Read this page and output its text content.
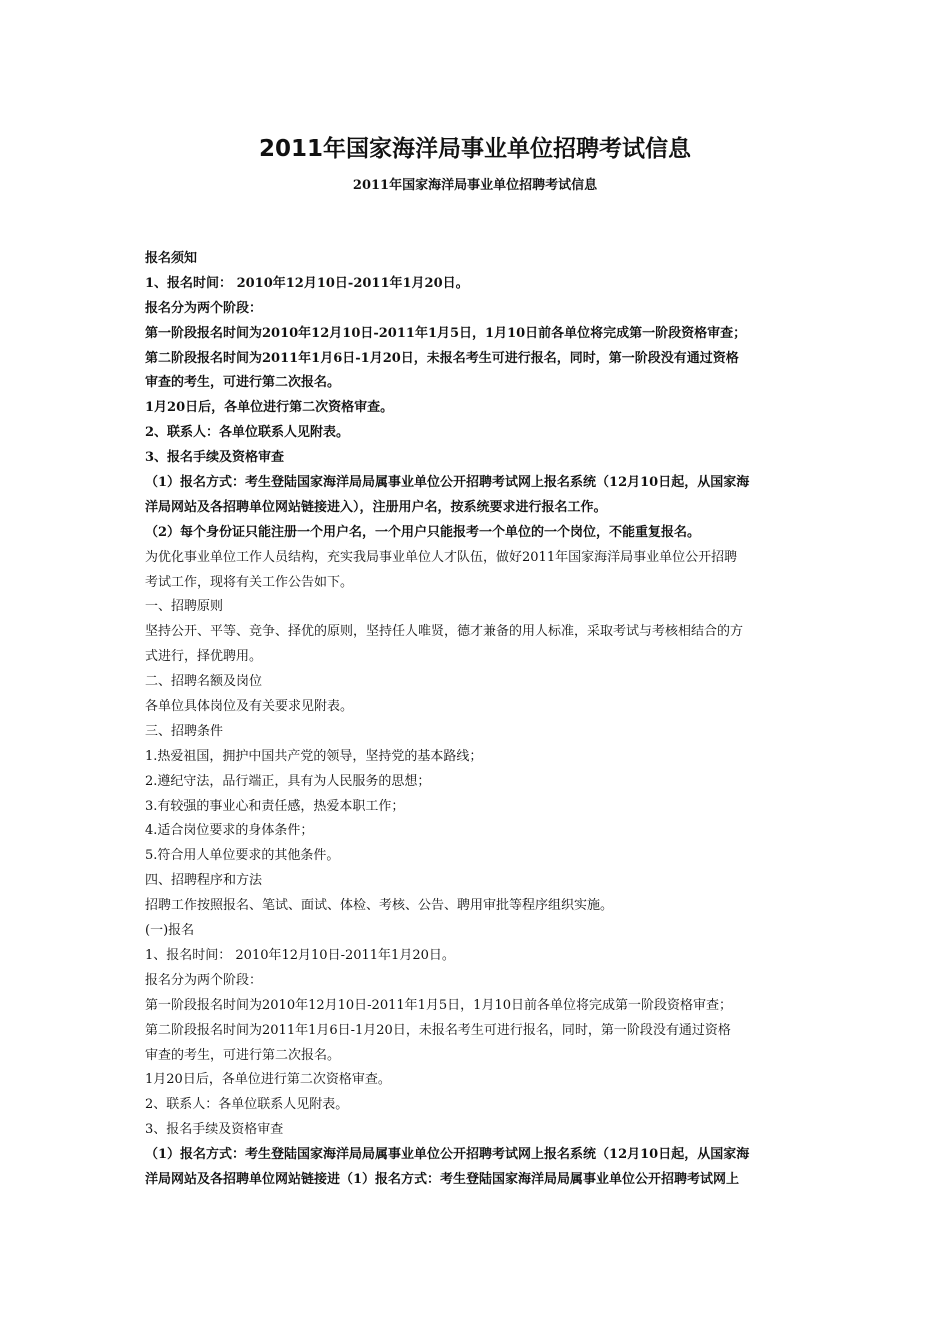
2011年国家海洋局事业单位招聘考试信息

2011年国家海洋局事业单位招聘考试信息

报名须知
1、报名时间： 2010年12月10日-2011年1月20日。
报名分为两个阶段：
第一阶段报名时间为2010年12月10日-2011年1月5日，1月10日前各单位将完成第一阶段资格审查；
第二阶段报名时间为2011年1月6日-1月20日，未报名考生可进行报名，同时，第一阶段没有通过资格
审查的考生，可进行第二次报名。
1月20日后，各单位进行第二次资格审查。
2、联系人：各单位联系人见附表。
3、报名手续及资格审查
（1）报名方式：考生登陆国家海洋局局属事业单位公开招聘考试网上报名系统（12月10日起，从国家海
洋局网站及各招聘单位网站链接进入），注册用户名，按系统要求进行报名工作。
（2）每个身份证只能注册一个用户名，一个用户只能报考一个单位的一个岗位，不能重复报名。
为优化事业单位工作人员结构，充实我局事业单位人才队伍，做好2011年国家海洋局事业单位公开招聘
考试工作，现将有关工作公告如下。
一、招聘原则
坚持公开、平等、竞争、择优的原则，坚持任人唯贤，德才兼备的用人标准，采取考试与考核相结合的方
式进行，择优聘用。
二、招聘名额及岗位
各单位具体岗位及有关要求见附表。
三、招聘条件
1.热爱祖国，拥护中国共产党的领导，坚持党的基本路线；
2.遵纪守法，品行端正，具有为人民服务的思想；
3.有较强的事业心和责任感，热爱本职工作；
4.适合岗位要求的身体条件；
5.符合用人单位要求的其他条件。
四、招聘程序和方法
招聘工作按照报名、笔试、面试、体检、考核、公告、聘用审批等程序组织实施。
(一)报名
1、报名时间： 2010年12月10日-2011年1月20日。
报名分为两个阶段：
第一阶段报名时间为2010年12月10日-2011年1月5日，1月10日前各单位将完成第一阶段资格审查；
第二阶段报名时间为2011年1月6日-1月20日，未报名考生可进行报名，同时，第一阶段没有通过资格
审查的考生，可进行第二次报名。
1月20日后，各单位进行第二次资格审查。
2、联系人：各单位联系人见附表。
3、报名手续及资格审查
（1）报名方式：考生登陆国家海洋局局属事业单位公开招聘考试网上报名系统（12月10日起，从国家海
洋局网站及各招聘单位网站链接进（1）报名方式：考生登陆国家海洋局局属事业单位公开招聘考试网上
